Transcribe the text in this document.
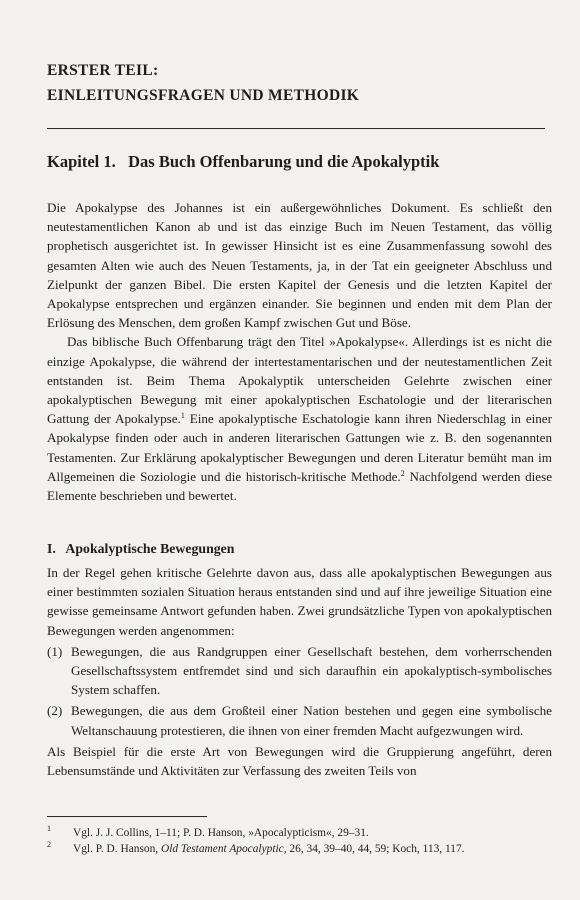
ERSTER TEIL:
EINLEITUNGSFRAGEN UND METHODIK
Kapitel 1.   Das Buch Offenbarung und die Apokalyptik

Die Apokalypse des Johannes ist ein außergewöhnliches Dokument. Es schließt den neutestamentlichen Kanon ab und ist das einzige Buch im Neuen Testament, das völlig prophetisch ausgerichtet ist. In gewisser Hinsicht ist es eine Zusammenfassung sowohl des gesamten Alten wie auch des Neuen Testaments, ja, in der Tat ein geeigneter Abschluss und Zielpunkt der ganzen Bibel. Die ersten Kapitel der Genesis und die letzten Kapitel der Apokalypse entsprechen und ergänzen einander. Sie beginnen und enden mit dem Plan der Erlösung des Menschen, dem großen Kampf zwischen Gut und Böse.

Das biblische Buch Offenbarung trägt den Titel »Apokalypse«. Allerdings ist es nicht die einzige Apokalypse, die während der intertestamentarischen und der neutestamentlichen Zeit entstanden ist. Beim Thema Apokalyptik unterscheiden Gelehrte zwischen einer apokalyptischen Bewegung mit einer apokalyptischen Eschatologie und der literarischen Gattung der Apokalypse.$^1$ Eine apokalyptische Eschatologie kann ihren Niederschlag in einer Apokalypse finden oder auch in anderen literarischen Gattungen wie z. B. den sogenannten Testamenten. Zur Erklärung apokalyptischer Bewegungen und deren Literatur bemüht man im Allgemeinen die Soziologie und die historisch-kritische Methode.$^2$ Nachfolgend werden diese Elemente beschrieben und bewertet.

I.   Apokalyptische Bewegungen

In der Regel gehen kritische Gelehrte davon aus, dass alle apokalyptischen Bewegungen aus einer bestimmten sozialen Situation heraus entstanden sind und auf ihre jeweilige Situation eine gewisse gemeinsame Antwort gefunden haben. Zwei grundsätzliche Typen von apokalyptischen Bewegungen werden angenommen:

(1) Bewegungen, die aus Randgruppen einer Gesellschaft bestehen, dem vorherrschenden Gesellschaftssystem entfremdet sind und sich daraufhin ein apokalyptisch-symbolisches System schaffen.
(2) Bewegungen, die aus dem Großteil einer Nation bestehen und gegen eine symbolische Weltanschauung protestieren, die ihnen von einer fremden Macht aufgezwungen wird.

Als Beispiel für die erste Art von Bewegungen wird die Gruppierung angeführt, deren Lebensumstände und Aktivitäten zur Verfassung des zweiten Teils von

1 Vgl. J. J. Collins, 1–11; P. D. Hanson, »Apocalypticism«, 29–31.
2 Vgl. P. D. Hanson, Old Testament Apocalyptic, 26, 34, 39–40, 44, 59; Koch, 113, 117.
